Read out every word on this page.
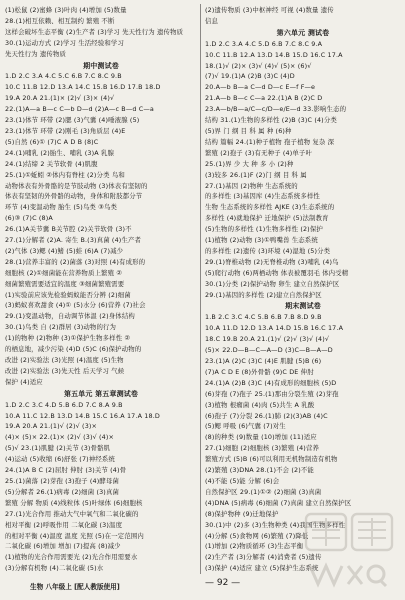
(1)松鼠 (2)蜜蜂 (3)叶肉 (4)增加 (5)数量
28.(1)相互依赖、相互制约 繁殖 不断
这样会破坏生态平衡 (2)生产者 (3)学习 先天性行为 遗传物质
30.(1)运动方式 (2)学习 生活经验和学习
先天性行为 遗传物质
期中测试卷
1.D 2.C 3.A 4.C 5.C 6.B 7.C 8.C 9.B
10.C 11.B 12.D 13.A 14.C 15.B 16.D 17.B 18.D
19.A 20.A 21.(1)× (2)√ (3)× (4)√
22.(1)A—a B—c C—b D—d (2)A—c B—d C—a
23.(1)体节 环带 (2)腮 (3)气囊 (4)唾液腺 (5)
23.(1)体节 环带 (2)刚毛 (3)角质层 (4)E
(5)自然 (6)① (7)C A D B (8)C
24.(1)哺乳 (2)胎生、哺乳 (3)A 乳腺
24.(1)结缔 2 关节软骨 (4)肌腹
25.(1)①蚯蚓 ②体内有脊柱 (2)分类 鸟和
动物体表有外骨骼的是节肢动物 (3)体表有坚韧的
体表有坚韧的外骨骼的动物，身体和附肢都分节
环节 (4)变温动物 胎生 (5)鸟类 ③鸟类
(6)③ (7)C (8)A
26.(1)A关节囊 B关节腔 (2)关节软骨 (3)不
27.(1)分解者 (2)A. 寄生 B.(3)真菌 (4)生产者
(2)气体 (3)鳃 (4)鳍 (5)蛙 (6)A (7)减少
28.(1)营养丰富的 (2)菌落 (3)对照 (4)有成形的
细胞核 (2)①细菌能在营养物质上繁殖 ②
细菌繁殖需要适宜的温度 ③细菌繁殖需要
(1)实验前应该先检验蚂蚁能否分辨 (2)细菌
(3)蚂蚁喜欢甜食 (4)① (5)水分 (6)营养 (7)社会
29.(1)变温动物，自动调节体温 (2)身体结构
30.(1)鸟类 自 (2)群居 (3)动物的行为
(1)的物种 (2)物种 (3)①保护生物多样性 ②
的栖息地，减少污染 (4)D (5)C (6)保护动物的
改进 (2)实验法 (3)光照 (4)温度 (5)生物
改进 (2)实验法 (3)先天性 后天学习 气候
保护 (4)适应
第五单元 第五章测试卷
1.D 2.C 3.C 4.D 5.B 6.D 7.C 8.A 9.B
10.A 11.C 12.B 13.D 14.B 15.C 16.A 17.A 18.D
19.A 20.A 21.(1)√ (2)√ (3)×
(4)× (5)× 22.(1)× (2)√ (3)√ (4)×
(5)√ 23.(1)肌腱 (2)关节 (3)骨骼肌
(4)运动 (5)收缩 (6)舒张 (7)神经系统
24.(1)A B C (2)屈肘 伸肘 (3)关节 (4)骨
25.(1)菌落 (2)芽孢 (3)孢子 (4)酵母菌
(5)分解者 26.(1)病毒 (2)细菌 (3)真菌
繁殖 分解 物质 (4)线粒体 (5)叶绿体 (6)细胞核
27.(1)光合作用 推动大气中氧气和二氧化碳的
相对平衡 (2)呼吸作用 二氧化碳 (3)温度
的相对平衡 (4)温度 温度 光照 (5)在一定范围内
二氧化碳 (6)增加 增加 (7)提高 (8)减少
(1)植物的光合作用需要光 (2)光合作用需要水
(3)分解有机物 (4)二氧化碳 (5)水
(2)遗传物质 (3)中枢神经 可视 (4)数量 遗传
信息
第六单元 测试卷
1.D 2.C 3.A 4.C 5.D 6.B 7.C 8.C 9.A
10.C 11.B 12.A 13.D 14.B 15.D 16.C 17.A
18.(1)√ (2)× (3)√ (4)√ (5)× (6)√
(7)√ 19.(1)A (2)B (3)C (4)D
20.A—b B—a C—d D—c E—f F—e
21.A—b B—c C—a 22.(1)A B (2)C D
23.A—b/B—a/C—c/D—e/E—d 33.影响生态的
结构 31.(1)生物的多样性 (2)B (3)C (4)分类
(5)界 门 纲 目 科 属 种 (6)种
结构 篇幅 24.(1)种子植物 孢子植物 复杂 深
繁殖 (2)孢子 (3)有无种子 (4)单子叶
25.(1)界 少 大 种 多 小 (2)种
(3)较多 26.(1)F (2)门 纲 目 科 属
27.(1)基因 (2)物种 生态系统的
的多样性 (3)基因库 (4)生态系统多样性
生物 生态系统的多样性 AJKE (3)生态系统的
多样性 (4)就地保护 迁地保护 (5)法制教育
(5)生物的多样性 (1)生物多样性 (2)保护
(1)植物 (2)动物 (3)①鸭嘴兽 生态系统
的多样性 (2)遗传 (3)环境 (4)湿地 (5)分类
29.(1)脊椎动物 (2)无脊椎动物 (3)哺乳 (4)鸟
(5)爬行动物 (6)两栖动物 体表被覆羽毛 体内受精
30.(1)分类 (2)保护动物 卵生 建立自然保护区
29.(1)基因的多样性 (2)建立自然保护区
期末测试卷
1.B 2.C 3.C 4.C 5.B 6.B 7.B 8.D 9.B
10.A 11.D 12.D 13.A 14.D 15.B 16.C 17.A
18.C 19.B 20.A 21.(1)√ (2)√ (3)√ (4)√
(5)× 22.D—B—C—A—D (3)C—B—A—D
23.(1)A (2)C (3)C (4)E 肌腱 (5)B (6)
(7)A C D E (8)外骨骼 (9)C DE 伸肘
24.(1)A (2)B (3)C (4)有成形的细胞核 (5)D
(6)芽孢 (7)孢子 25.(1)那由分裂生殖 (2)芽孢
(3)植物 根瘤菌 (4)肉 (5)共生 A 乳酸
(6)孢子 (7)分裂 26.(1)肺 (2)(3)AB (4)C
(5)鳃 呼吸 (6)气囊 (7)对生
(8)的种类 (9)数量 (10)增加 (11)适应
27.(1)细胞 (2)细胞核 (3)繁殖 (4)营养
繁殖方式 (5)B (6)可以利用无机物制造有机物
(2)繁殖 (3)DNA 28.(1)不会 (2)不能
(4)不能 (5)能 分解 (6)会
自然保护区 29.(1)①② (2)细菌 (3)真菌
(4)DNA (5)病毒 (6)细菌 (7)真菌 建立自然保护区
(8)保护物种 (9)迁地保护
30.(1)中 (2)多 (3)生物种类 (4)我国生物多样性
(4)分解 (5)食物网 (6)繁殖 (7)降低
(1)增加 (2)物质循环 (3)生态平衡
(2)生产者 (3)分解者 (4)消费者 (5)遗传
(3)保护 (4)适应 建立 (5)保护生态系统
生物 八年级上 [配人教版使用]	— 92 —
